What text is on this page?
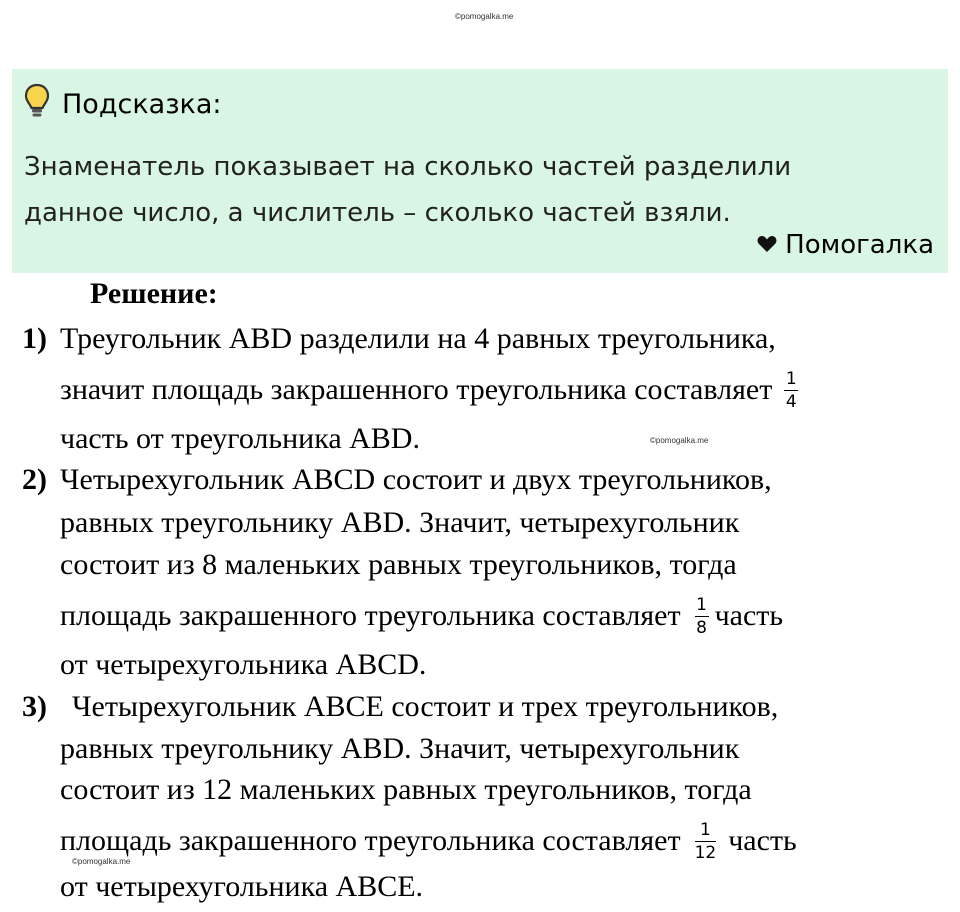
©pomogalka.me
Подсказка:
Знаменатель показывает на сколько частей разделили
данное число, а числитель – сколько частей взяли.
Помогалка
Решение:
1) Треугольник ABD разделили на 4 равных треугольника,
значит площадь закрашенного треугольника составляет $\frac{1}{4}$
часть от треугольника ABD.	©pomogalka.me
2) Четырехугольник ABCD состоит и двух треугольников,
равных треугольнику ABD. Значит, четырехугольник
состоит из 8 маленьких равных треугольников, тогда
площадь закрашенного треугольника составляет $\frac{1}{8}$ часть
от четырехугольника ABCD.
3) Четырехугольник ABCE состоит и трех треугольников,
равных треугольнику ABD. Значит, четырехугольник
состоит из 12 маленьких равных треугольников, тогда
площадь закрашенного треугольника составляет $\frac{1}{12}$ часть
©pomogalka.me
от четырехугольника ABCE.
